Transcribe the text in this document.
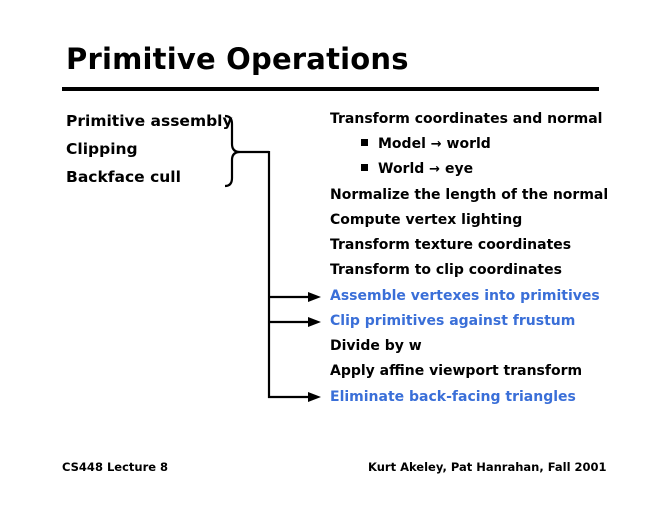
Primitive Operations
Primitive assembly
Clipping
Backface cull
Transform coordinates and normal
Model → world
World → eye
Normalize the length of the normal
Compute vertex lighting
Transform texture coordinates
Transform to clip coordinates
Assemble vertexes into primitives
Clip primitives against frustum
Divide by w
Apply affine viewport transform
Eliminate back-facing triangles
CS448 Lecture 8	Kurt Akeley, Pat Hanrahan, Fall 2001
